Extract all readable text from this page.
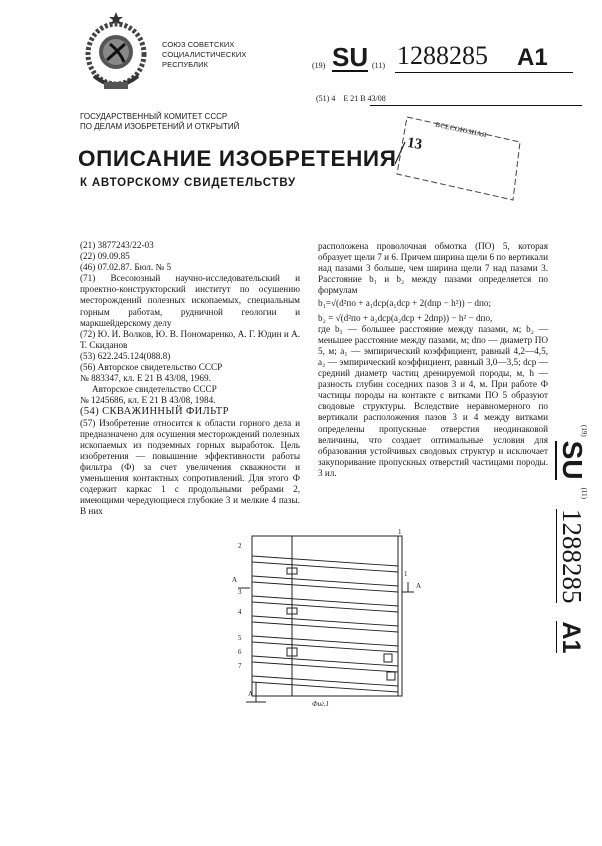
СОЮЗ СОВЕТСКИХ
СОЦИАЛИСТИЧЕСКИХ
РЕСПУБЛИК	(19) SU (11) 1288285 A1
(51) 4 E 21 B 43/08
ГОСУДАРСТВЕННЫЙ КОМИТЕТ СССР
ПО ДЕЛАМ ИЗОБРЕТЕНИЙ И ОТКРЫТИЙ
ОПИСАНИЕ ИЗОБРЕТЕНИЯ
К АВТОРСКОМУ СВИДЕТЕЛЬСТВУ
13
ВСЕСОЮЗНАЯ

(21) 3877243/22-03

(22) 09.09.85

(46) 07.02.87. Бюл. № 5

(71) Всесоюзный научно-исследовательский и проектно-конструкторский институт по осушению месторождений полезных ископаемых, специальным горным работам, рудничной геологии и маркшейдерскому делу

(72) Ю. И. Волков, Ю. В. Пономаренко, А. Г. Юдин и А. Т. Скиданов

(53) 622.245.124(088.8)

(56) Авторское свидетельство СССР

№ 883347, кл. Е 21 В 43/08, 1969.

Авторское свидетельство СССР

№ 1245686, кл. Е 21 В 43/08, 1984.

(54) СКВАЖИННЫЙ ФИЛЬТР

(57) Изобретение относится к области горного дела и предназначено для осушения месторождений полезных ископаемых из подземных горных выработок. Цель изобретения — повышение эффективности работы фильтра (Ф) за счет увеличения скважности и уменьшения контактных сопротивлений. Для этого Ф содержит каркас 1 с продольными ребрами 2, имеющими чередующиеся глубокие 3 и мелкие 4 пазы. В них

расположена проволочная обмотка (ПО) 5, которая образует щели 7 и 6. Причем ширина щели 6 по вертикали над пазами 3 больше, чем ширина щели 7 над пазами 3. Расстояние b₁ и b₂ между пазами определяется по формулам

b₁=√(d²по + a₁dср(a₁dср + 2(dпр − h²)) − dпо;

b₂ = √(d²по + a₂dср(a₂dср + 2dпр)) − h² − dпо,

где b₁ — большее расстояние между пазами, м; b₂ — меньшее расстояние между пазами, м; dпо — диаметр ПО 5, м; a₁ — эмпирический коэффициент, равный 4,2—4,5, a₂ — эмпирический коэффициент, равный 3,0—3,5; dср — средний диаметр частиц дренируемой породы, м, h — разность глубин соседних пазов 3 и 4, м. При работе Ф частицы породы на контакте с витками ПО 5 образуют сводовые структуры. Вследствие неравномерного по вертикали расположения пазов 3 и 4 между витками определены пропускные отверстия неодинаковой величины, что создает оптимальные условия для образования устойчивых сводовых структур и исключает закупоривание пропускных отверстий частицами породы. 3 ил.

$^{(19)}$ SU $^{(11)}$ 1288285 A1
2
3
4
5
6
7
А
А
1
А
1
Фиг.1
